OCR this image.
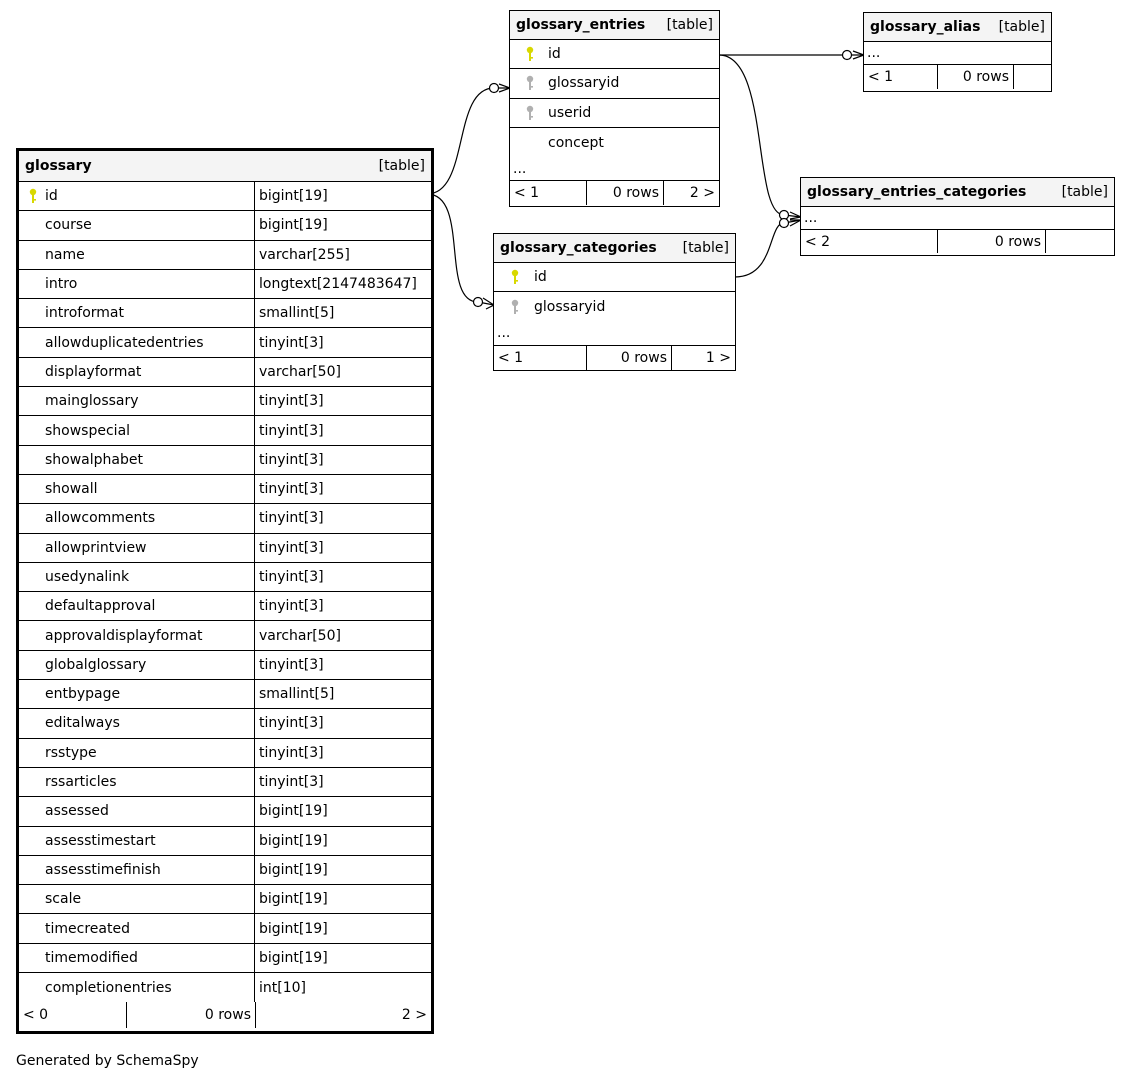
glossary	[table]
id	bigint[19]
course	bigint[19]
name	varchar[255]
intro	longtext[2147483647]
introformat	smallint[5]
allowduplicatedentries	tinyint[3]
displayformat	varchar[50]
mainglossary	tinyint[3]
showspecial	tinyint[3]
showalphabet	tinyint[3]
showall	tinyint[3]
allowcomments	tinyint[3]
allowprintview	tinyint[3]
usedynalink	tinyint[3]
defaultapproval	tinyint[3]
approvaldisplayformat	varchar[50]
globalglossary	tinyint[3]
entbypage	smallint[5]
editalways	tinyint[3]
rsstype	tinyint[3]
rssarticles	tinyint[3]
assessed	bigint[19]
assesstimestart	bigint[19]
assesstimefinish	bigint[19]
scale	bigint[19]
timecreated	bigint[19]
timemodified	bigint[19]
completionentries	int[10]
< 0	0 rows	2 >
glossary_entries [table]
id
glossaryid
userid
concept
...
< 1	0 rows	2 >
glossary_alias [table]
...
< 1	0 rows
glossary_categories [table]
id
glossaryid
...
< 1	0 rows	1 >
glossary_entries_categories	[table]
...
< 2	0 rows
Generated by SchemaSpy
